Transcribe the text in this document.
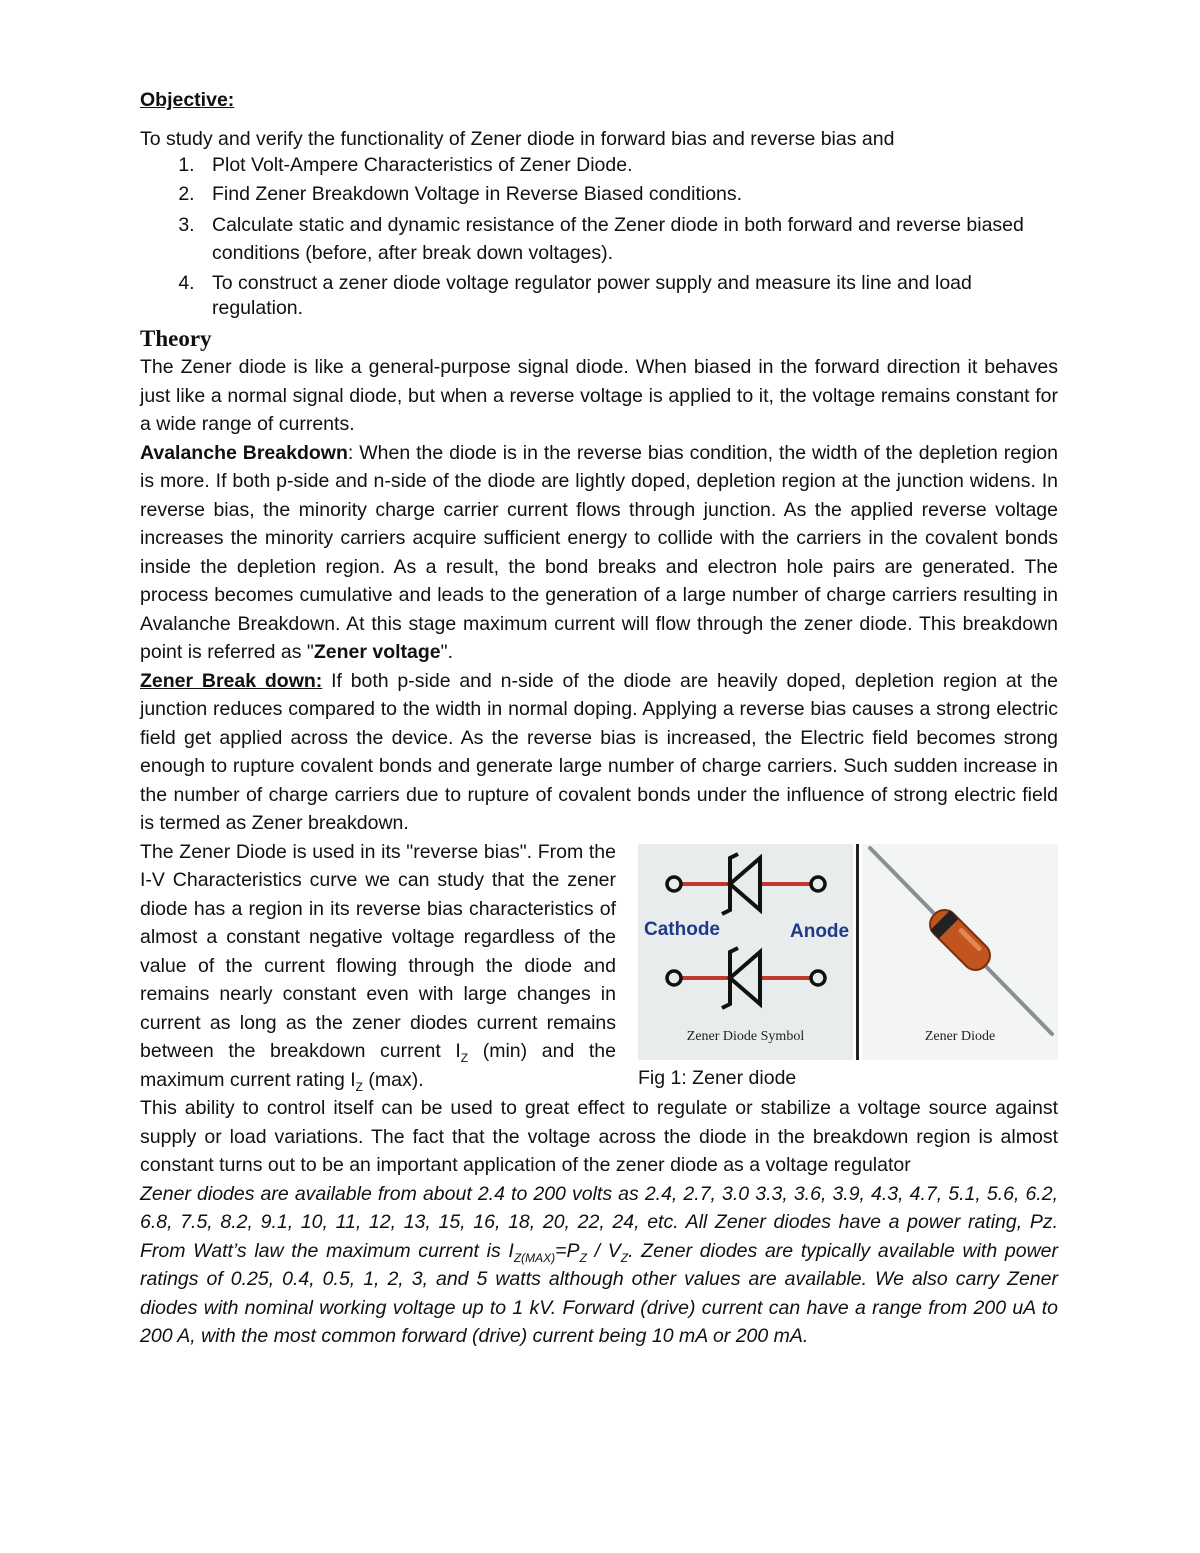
Objective:

To study and verify the functionality of Zener diode in forward bias and reverse bias and

1. Plot Volt-Ampere Characteristics of Zener Diode.
2. Find Zener Breakdown Voltage in Reverse Biased conditions.
3. Calculate static and dynamic resistance of the Zener diode in both forward and reverse biased conditions (before, after break down voltages).
4. To construct a zener diode voltage regulator power supply and measure its line and load regulation.

Theory

The Zener diode is like a general-purpose signal diode. When biased in the forward direction it behaves just like a normal signal diode, but when a reverse voltage is applied to it, the voltage remains constant for a wide range of currents.

Avalanche Breakdown: When the diode is in the reverse bias condition, the width of the depletion region is more. If both p-side and n-side of the diode are lightly doped, depletion region at the junction widens. In reverse bias, the minority charge carrier current flows through junction. As the applied reverse voltage increases the minority carriers acquire sufficient energy to collide with the carriers in the covalent bonds inside the depletion region. As a result, the bond breaks and electron hole pairs are generated. The process becomes cumulative and leads to the generation of a large number of charge carriers resulting in Avalanche Breakdown. At this stage maximum current will flow through the zener diode. This breakdown point is referred as "Zener voltage".

Zener Break down: If both p-side and n-side of the diode are heavily doped, depletion region at the junction reduces compared to the width in normal doping. Applying a reverse bias causes a strong electric field get applied across the device. As the reverse bias is increased, the Electric field becomes strong enough to rupture covalent bonds and generate large number of charge carriers. Such sudden increase in the number of charge carriers due to rupture of covalent bonds under the influence of strong electric field is termed as Zener breakdown.

The Zener Diode is used in its "reverse bias". From the I-V Characteristics curve we can study that the zener diode has a region in its reverse bias characteristics of almost a constant negative voltage regardless of the value of the current flowing through the diode and remains nearly constant even with large changes in current as long as the zener diodes current remains between the breakdown current $I_Z$ (min) and the maximum current rating $I_Z$ (max).

Cathode	Anode
Zener Diode Symbol	Zener Diode

Fig 1: Zener diode

This ability to control itself can be used to great effect to regulate or stabilize a voltage source against supply or load variations. The fact that the voltage across the diode in the breakdown region is almost constant turns out to be an important application of the zener diode as a voltage regulator

Zener diodes are available from about 2.4 to 200 volts as 2.4, 2.7, 3.0 3.3, 3.6, 3.9, 4.3, 4.7, 5.1, 5.6, 6.2, 6.8, 7.5, 8.2, 9.1, 10, 11, 12, 13, 15, 16, 18, 20, 22, 24, etc. All Zener diodes have a power rating, Pz. From Watt’s law the maximum current is $I_{Z(MAX)}=P_Z / V_Z$. Zener diodes are typically available with power ratings of 0.25, 0.4, 0.5, 1, 2, 3, and 5 watts although other values are available. We also carry Zener diodes with nominal working voltage up to 1 kV. Forward (drive) current can have a range from 200 uA to 200 A, with the most common forward (drive) current being 10 mA or 200 mA.
